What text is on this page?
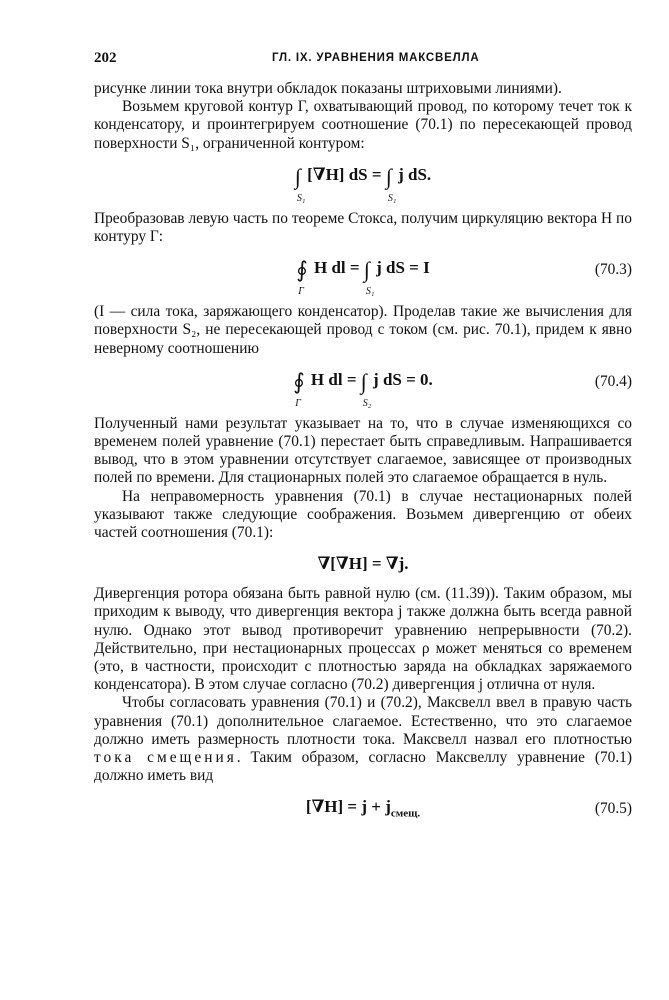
202	ГЛ. IX. УРАВНЕНИЯ МАКСВЕЛЛА

рисунке линии тока внутри обкладок показаны штриховыми линиями).

Возьмем круговой контур Г, охватывающий провод, по которому течет ток к конденсатору, и проинтегрируем соотношение (70.1) по пересекающей провод поверхности S₁, ограниченной контуром:

∫
S₁
[∇H] dS = ∫
S₁
j dS.

Преобразовав левую часть по теореме Стокса, получим циркуляцию вектора H по контуру Г:

∮
Г
H dl = ∫
S₁
j dS = I	(70.3)

(I — сила тока, заряжающего конденсатор). Проделав такие же вычисления для поверхности S₂, не пересекающей провод с током (см. рис. 70.1), придем к явно неверному соотношению

∮
Г
H dl = ∫
S₂
j dS = 0.	(70.4)

Полученный нами результат указывает на то, что в случае изменяющихся со временем полей уравнение (70.1) перестает быть справедливым. Напрашивается вывод, что в этом уравнении отсутствует слагаемое, зависящее от производных полей по времени. Для стационарных полей это слагаемое обращается в нуль.

На неправомерность уравнения (70.1) в случае нестационарных полей указывают также следующие соображения. Возьмем дивергенцию от обеих частей соотношения (70.1):

∇[∇H] = ∇j.

Дивергенция ротора обязана быть равной нулю (см. (11.39)). Таким образом, мы приходим к выводу, что дивергенция вектора j также должна быть всегда равной нулю. Однако этот вывод противоречит уравнению непрерывности (70.2). Действительно, при нестационарных процессах ρ может меняться со временем (это, в частности, происходит с плотностью заряда на обкладках заряжаемого конденсатора). В этом случае согласно (70.2) дивергенция j отлична от нуля.

Чтобы согласовать уравнения (70.1) и (70.2), Максвелл ввел в правую часть уравнения (70.1) дополнительное слагаемое. Естественно, что это слагаемое должно иметь размерность плотности тока. Максвелл назвал его плотностью тока смещения. Таким образом, согласно Максвеллу уравнение (70.1) должно иметь вид

$[\nabla H] = j + j_{смещ.}$	(70.5)
